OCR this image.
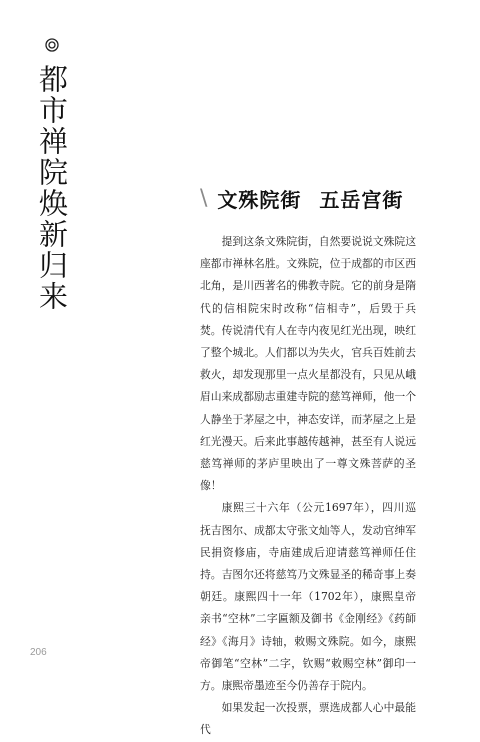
都市禅院焕新归来	\ 文殊院街 五岳宫街

提到这条文殊院街，自然要说说文殊院这座都市禅林名胜。文殊院，位于成都的市区西北角，是川西著名的佛教寺院。它的前身是隋代的信相院宋时改称“信相寺”，后毁于兵焚。传说清代有人在寺内夜见红光出现，映红了整个城北。人们都以为失火，官兵百姓前去救火，却发现那里一点火星都没有，只见从峨眉山来成都励志重建寺院的慈笃禅师，他一个人静坐于茅屋之中，神态安详，而茅屋之上是红光漫天。后来此事越传越神，甚至有人说远慈笃禅师的茅庐里映出了一尊文殊菩萨的圣像！

康熙三十六年（公元1697年），四川巡抚吉图尔、成都太守张文灿等人，发动官绅军民捐资修庙，寺庙建成后迎请慈笃禅师任住持。吉图尔还将慈笃乃文殊显圣的稀奇事上奏朝廷。康熙四十一年（1702年），康熙皇帝亲书“空林”二字匾额及御书《金刚经》《药師经》《海月》诗轴，敕赐文殊院。如今，康熙帝御笔“空林”二字，钦赐“敕赐空林”御印一方。康熙帝墨迹至今仍善存于院内。

如果发起一次投票，票选成都人心中最能代

206
